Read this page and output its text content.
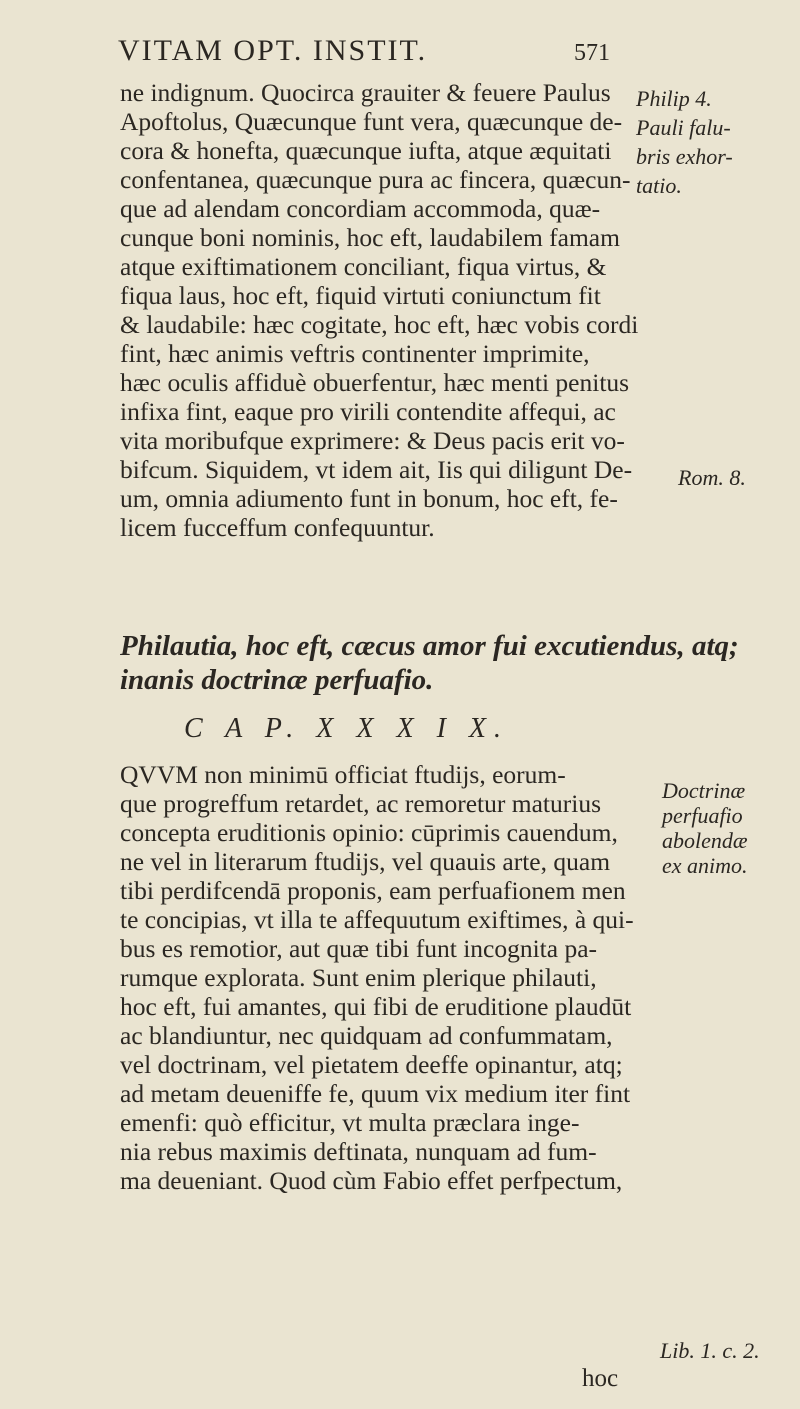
VITAM OPT. INSTIT.	571
ne indignum. Quocirca grauiter & feuere Paulus
Apoftolus, Quæcunque funt vera, quæcunque de-
cora & honefta, quæcunque iufta, atque æquitati
confentanea, quæcunque pura ac fincera, quæcun-
que ad alendam concordiam accommoda, quæ-
cunque boni nominis, hoc eft, laudabilem famam
atque exiftimationem conciliant, fiqua virtus, &
fiqua laus, hoc eft, fiquid virtuti coniunctum fit
& laudabile: hæc cogitate, hoc eft, hæc vobis cordi
fint, hæc animis veftris continenter imprimite,
hæc oculis affiduè obuerfentur, hæc menti penitus
infixa fint, eaque pro virili contendite affequi, ac
vita moribufque exprimere: & Deus pacis erit vo-
bifcum. Siquidem, vt idem ait, Iis qui diligunt De-
um, omnia adiumento funt in bonum, hoc eft, fe-
licem fucceffum confequuntur.
Philautia, hoc eft, cæcus amor fui excutiendus, atq;
inanis doctrinæ perfuafio.
C A P. X X X I X.
QVVM non minimū officiat ftudijs, eorum-
que progreffum retardet, ac remoretur maturius
concepta eruditionis opinio: cūprimis cauendum,
ne vel in literarum ftudijs, vel quauis arte, quam
tibi perdifcendā proponis, eam perfuafionem men
te concipias, vt illa te affequutum exiftimes, à qui-
bus es remotior, aut quæ tibi funt incognita pa-
rumque explorata. Sunt enim plerique philauti,
hoc eft, fui amantes, qui fibi de eruditione plaudūt
ac blandiuntur, nec quidquam ad confummatam,
vel doctrinam, vel pietatem deeffe opinantur, atq;
ad metam deueniffe fe, quum vix medium iter fint
emenfi: quò efficitur, vt multa præclara inge-
nia rebus maximis deftinata, nunquam ad fum-
ma deueniant. Quod cùm Fabio effet perfpectum,
Philip 4.
Pauli falu-
bris exhor-
tatio.
Rom. 8.
Doctrinæ
perfuafio
abolendæ
ex animo.
Lib. 1. c. 2.
hoc
